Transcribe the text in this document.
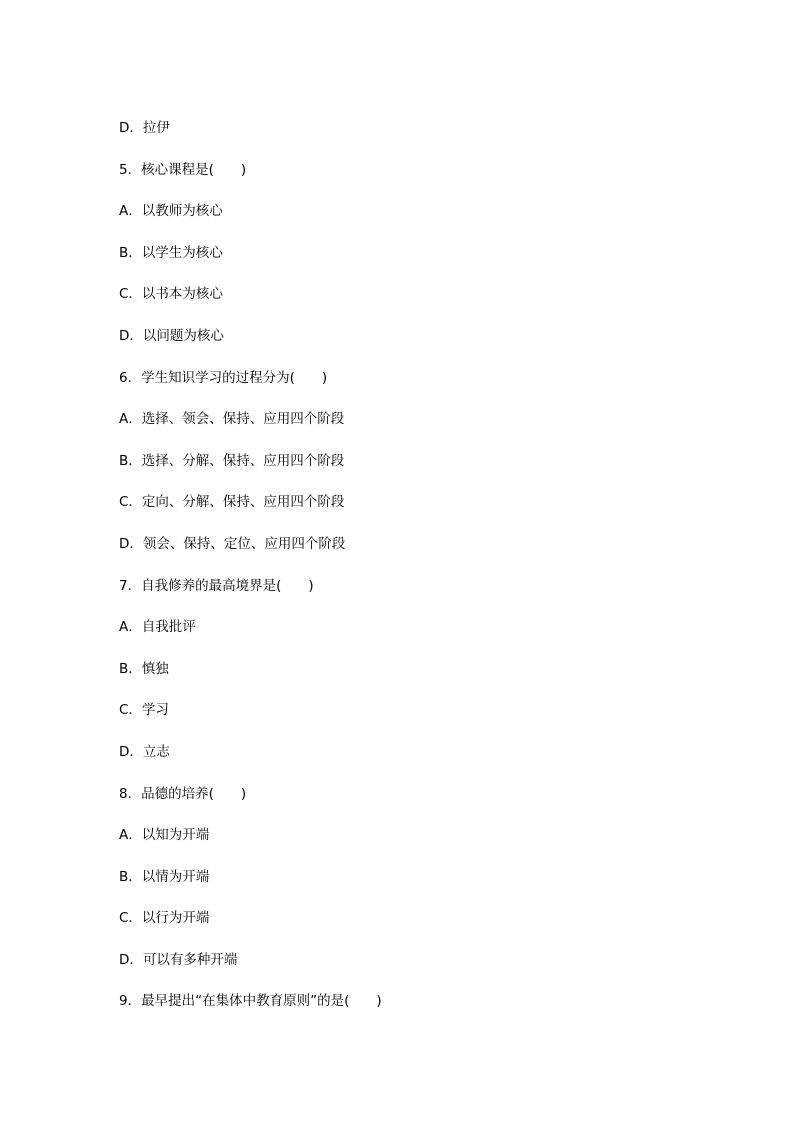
D．拉伊
5．核心课程是(　　)
A．以教师为核心
B．以学生为核心
C．以书本为核心
D．以问题为核心
6．学生知识学习的过程分为(　　)
A．选择、领会、保持、应用四个阶段
B．选择、分解、保持、应用四个阶段
C．定向、分解、保持、应用四个阶段
D．领会、保持、定位、应用四个阶段
7．自我修养的最高境界是(　　)
A．自我批评
B．慎独
C．学习
D．立志
8．品德的培养(　　)
A．以知为开端
B．以情为开端
C．以行为开端
D．可以有多种开端
9．最早提出“在集体中教育原则”的是(　　)
